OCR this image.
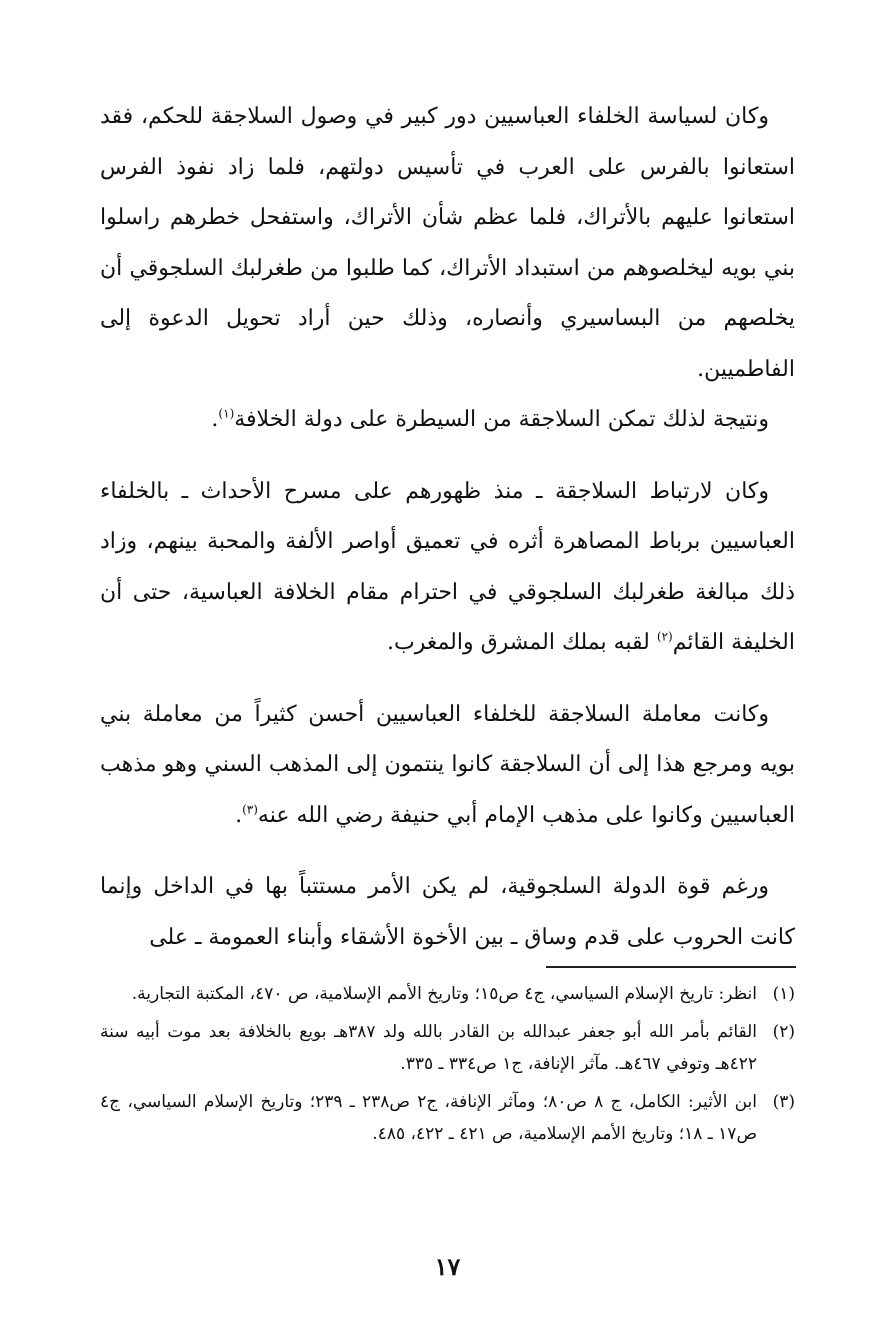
وكان لسياسة الخلفاء العباسيين دور كبير في وصول السلاجقة للحكم، فقد استعانوا بالفرس على العرب في تأسيس دولتهم، فلما زاد نفوذ الفرس استعانوا عليهم بالأتراك، فلما عظم شأن الأتراك، واستفحل خطرهم راسلوا بني بويه ليخلصوهم من استبداد الأتراك، كما طلبوا من طغرلبك السلجوقي أن يخلصهم من البساسيري وأنصاره، وذلك حين أراد تحويل الدعوة إلى الفاطميين.

ونتيجة لذلك تمكن السلاجقة من السيطرة على دولة الخلافة$^{(١)}$.

وكان لارتباط السلاجقة ـ منذ ظهورهم على مسرح الأحداث ـ بالخلفاء العباسيين برباط المصاهرة أثره في تعميق أواصر الألفة والمحبة بينهم، وزاد ذلك مبالغة طغرلبك السلجوقي في احترام مقام الخلافة العباسية، حتى أن الخليفة القائم$^{(٢)}$ لقبه بملك المشرق والمغرب.

وكانت معاملة السلاجقة للخلفاء العباسيين أحسن كثيراً من معاملة بني بويه ومرجع هذا إلى أن السلاجقة كانوا ينتمون إلى المذهب السني وهو مذهب العباسيين وكانوا على مذهب الإمام أبي حنيفة رضي الله عنه$^{(٣)}$.

ورغم قوة الدولة السلجوقية، لم يكن الأمر مستتباً بها في الداخل وإنما كانت الحروب على قدم وساق ـ بين الأخوة الأشقاء وأبناء العمومة ـ على

(١)
انظر: تاريخ الإسلام السياسي، ج٤ ص١٥؛ وتاريخ الأمم الإسلامية، ص ٤٧٠، المكتبة التجارية.
(٢)
القائم بأمر الله أبو جعفر عبدالله بن القادر بالله ولد ٣٨٧هـ بويع بالخلافة بعد موت أبيه سنة ٤٢٢هـ وتوفي ٤٦٧هـ. مآثر الإنافة، ج١ ص٣٣٤ ـ ٣٣٥.
(٣)
ابن الأثير: الكامل، ج ٨ ص٨٠؛ ومآثر الإنافة، ج٢ ص٢٣٨ ـ ٢٣٩؛ وتاريخ الإسلام السياسي، ج٤ ص١٧ ـ ١٨؛ وتاريخ الأمم الإسلامية، ص ٤٢١ ـ ٤٢٢، ٤٨٥.
١٧
